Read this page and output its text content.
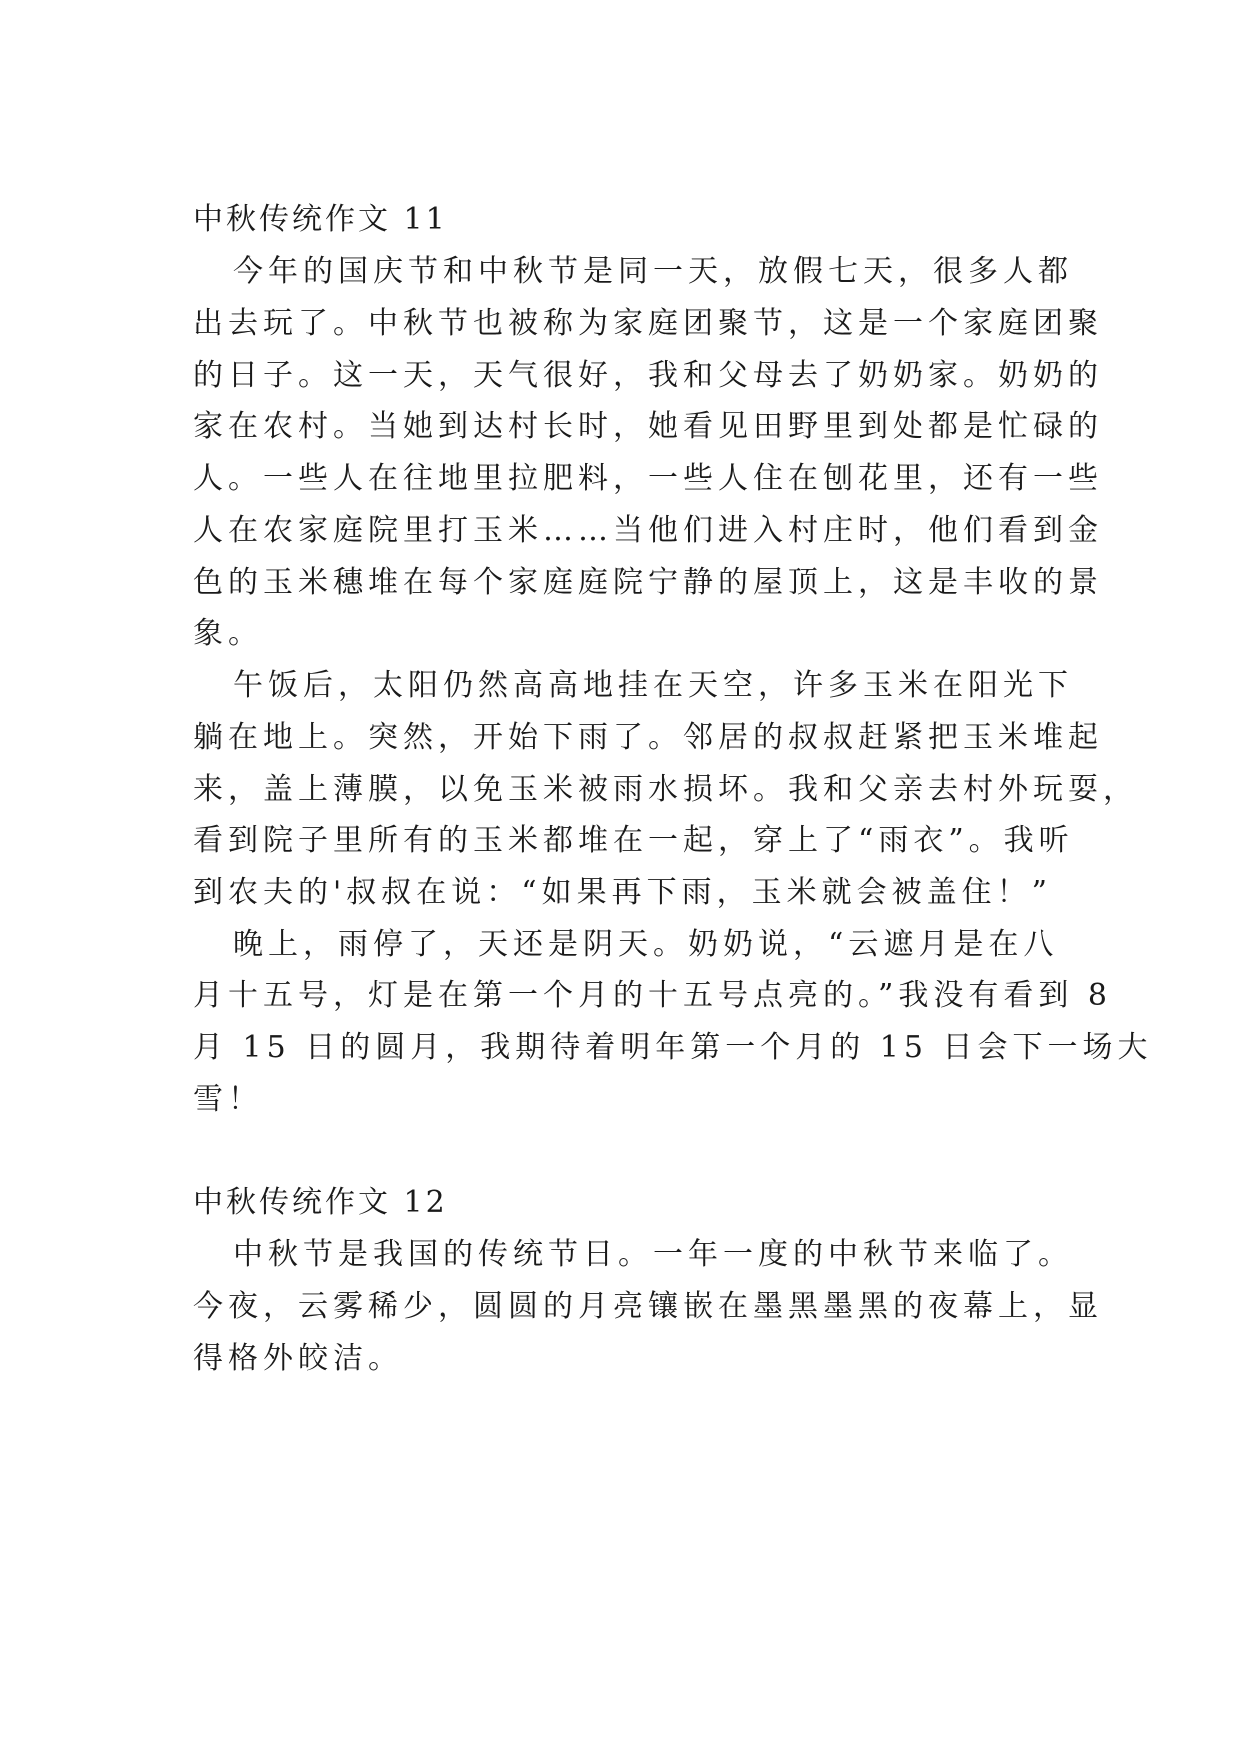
中秋传统作文 11
今年的国庆节和中秋节是同一天，放假七天，很多人都
出去玩了。中秋节也被称为家庭团聚节，这是一个家庭团聚
的日子。这一天，天气很好，我和父母去了奶奶家。奶奶的
家在农村。当她到达村长时，她看见田野里到处都是忙碌的
人。一些人在往地里拉肥料，一些人住在刨花里，还有一些
人在农家庭院里打玉米……当他们进入村庄时，他们看到金
色的玉米穗堆在每个家庭庭院宁静的屋顶上，这是丰收的景
象。
午饭后，太阳仍然高高地挂在天空，许多玉米在阳光下
躺在地上。突然，开始下雨了。邻居的叔叔赶紧把玉米堆起
来，盖上薄膜，以免玉米被雨水损坏。我和父亲去村外玩耍，
看到院子里所有的玉米都堆在一起，穿上了“雨衣”。我听
到农夫的'叔叔在说：“如果再下雨，玉米就会被盖住！”
晚上，雨停了，天还是阴天。奶奶说，“云遮月是在八
月十五号，灯是在第一个月的十五号点亮的。”我没有看到 8
月 15 日的圆月，我期待着明年第一个月的 15 日会下一场大
雪！
中秋传统作文 12
中秋节是我国的传统节日。一年一度的中秋节来临了。
今夜，云雾稀少，圆圆的月亮镶嵌在墨黑墨黑的夜幕上，显
得格外皎洁。
